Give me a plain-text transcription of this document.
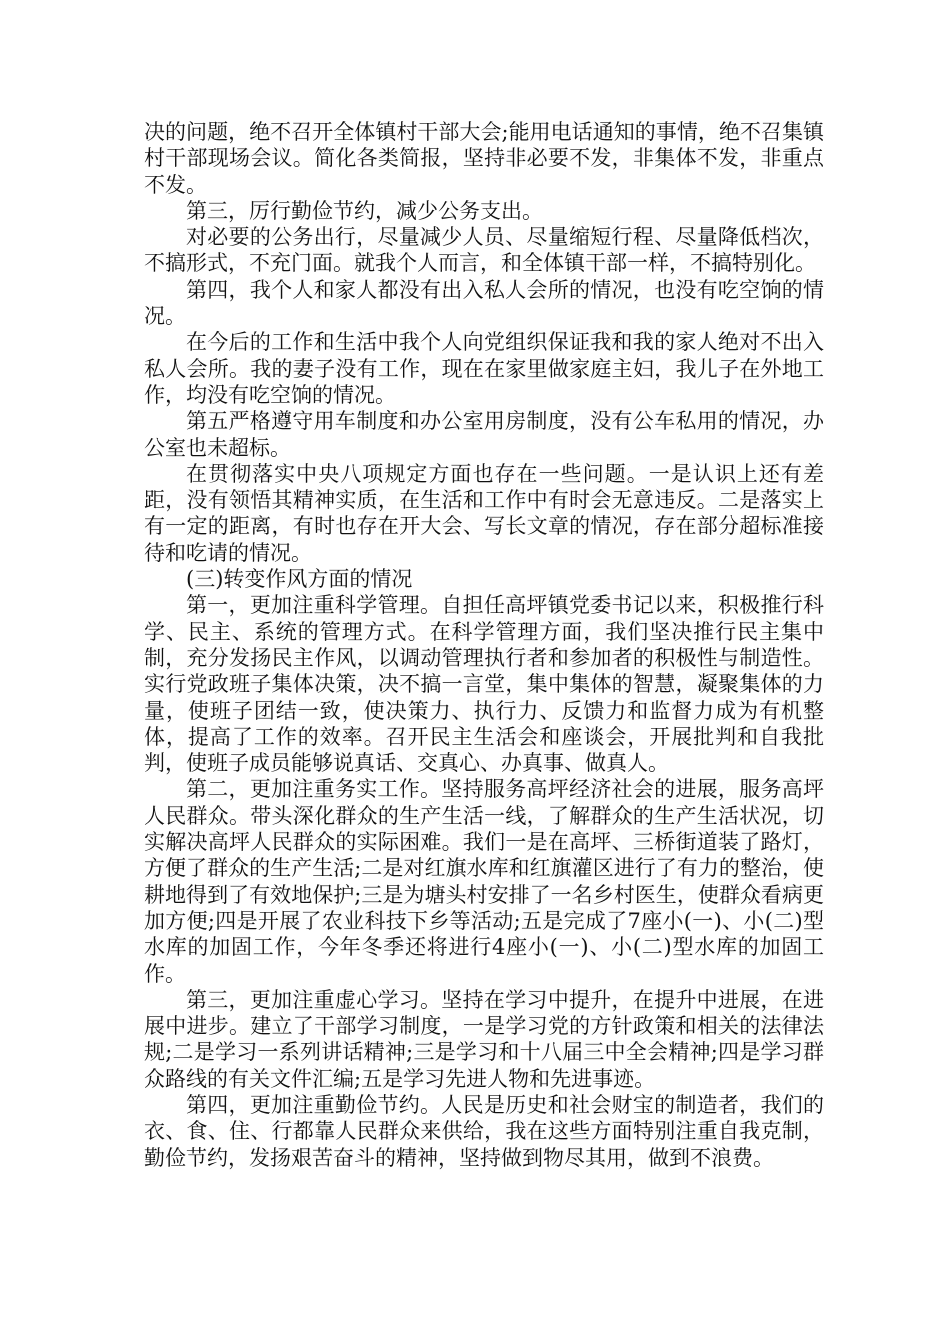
决的问题，绝不召开全体镇村干部大会;能用电话通知的事情，绝不召集镇村干部现场会议。简化各类简报，坚持非必要不发，非集体不发，非重点不发。

第三，厉行勤俭节约，减少公务支出。

对必要的公务出行，尽量减少人员、尽量缩短行程、尽量降低档次，不搞形式，不充门面。就我个人而言，和全体镇干部一样，不搞特别化。

第四，我个人和家人都没有出入私人会所的情况，也没有吃空饷的情况。

在今后的工作和生活中我个人向党组织保证我和我的家人绝对不出入私人会所。我的妻子没有工作，现在在家里做家庭主妇，我儿子在外地工作，均没有吃空饷的情况。

第五严格遵守用车制度和办公室用房制度，没有公车私用的情况，办公室也未超标。

在贯彻落实中央八项规定方面也存在一些问题。一是认识上还有差距，没有领悟其精神实质，在生活和工作中有时会无意违反。二是落实上有一定的距离，有时也存在开大会、写长文章的情况，存在部分超标准接待和吃请的情况。

(三)转变作风方面的情况

第一，更加注重科学管理。自担任高坪镇党委书记以来，积极推行科学、民主、系统的管理方式。在科学管理方面，我们坚决推行民主集中制，充分发扬民主作风，以调动管理执行者和参加者的积极性与制造性。实行党政班子集体决策，决不搞一言堂，集中集体的智慧，凝聚集体的力量，使班子团结一致，使决策力、执行力、反馈力和监督力成为有机整体，提高了工作的效率。召开民主生活会和座谈会，开展批判和自我批判，使班子成员能够说真话、交真心、办真事、做真人。

第二，更加注重务实工作。坚持服务高坪经济社会的进展，服务高坪人民群众。带头深化群众的生产生活一线，了解群众的生产生活状况，切实解决高坪人民群众的实际困难。我们一是在高坪、三桥街道装了路灯，方便了群众的生产生活;二是对红旗水库和红旗灌区进行了有力的整治，使耕地得到了有效地保护;三是为塘头村安排了一名乡村医生，使群众看病更加方便;四是开展了农业科技下乡等活动;五是完成了7座小(一)、小(二)型水库的加固工作，今年冬季还将进行4座小(一)、小(二)型水库的加固工作。

第三，更加注重虚心学习。坚持在学习中提升，在提升中进展，在进展中进步。建立了干部学习制度，一是学习党的方针政策和相关的法律法规;二是学习一系列讲话精神;三是学习和十八届三中全会精神;四是学习群众路线的有关文件汇编;五是学习先进人物和先进事迹。

第四，更加注重勤俭节约。人民是历史和社会财宝的制造者，我们的衣、食、住、行都靠人民群众来供给，我在这些方面特别注重自我克制，勤俭节约，发扬艰苦奋斗的精神，坚持做到物尽其用，做到不浪费。
